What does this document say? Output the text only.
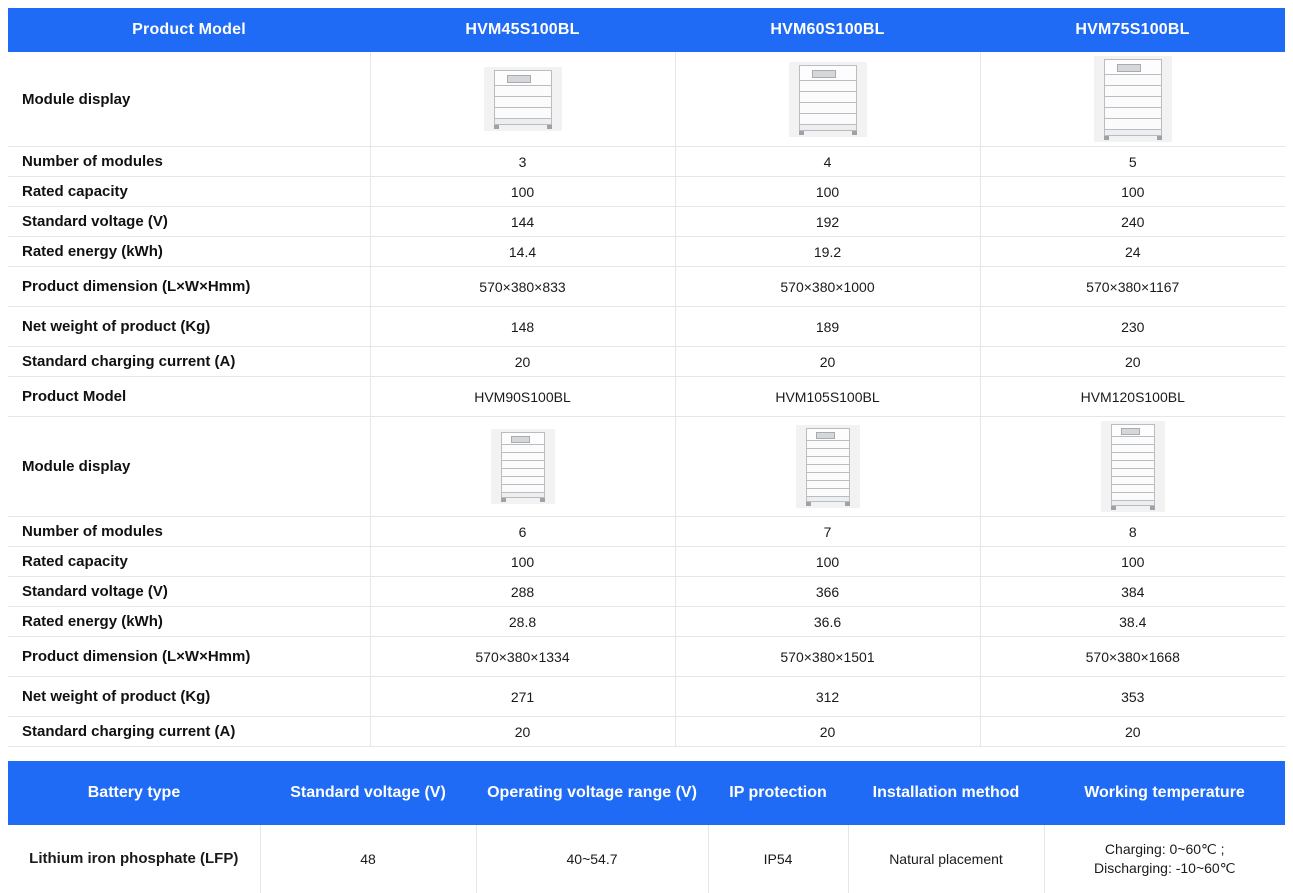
Product Model	HVM45S100BL	HVM60S100BL	HVM75S100BL
Module display	

Number of modules	3	4	5
Rated capacity	100	100	100
Standard voltage (V)	144	192	240
Rated energy (kWh)	14.4	19.2	24
Product dimension (L×W×Hmm)	570×380×833	570×380×1000	570×380×1167
Net weight of product (Kg)	148	189	230
Standard charging current (A)	20	20	20
Product Model	HVM90S100BL	HVM105S100BL	HVM120S100BL
Module display	

Number of modules	6	7	8
Rated capacity	100	100	100
Standard voltage (V)	288	366	384
Rated energy (kWh)	28.8	36.6	38.4
Product dimension (L×W×Hmm)	570×380×1334	570×380×1501	570×380×1668
Net weight of product (Kg)	271	312	353
Standard charging current (A)	20	20	20
Battery type	Standard voltage (V)	Operating voltage range (V)	IP protection	Installation method	Working temperature
Lithium iron phosphate (LFP)	48	40~54.7	IP54	Natural placement	Charging: 0~60℃ ;
Discharging: -10~60℃
